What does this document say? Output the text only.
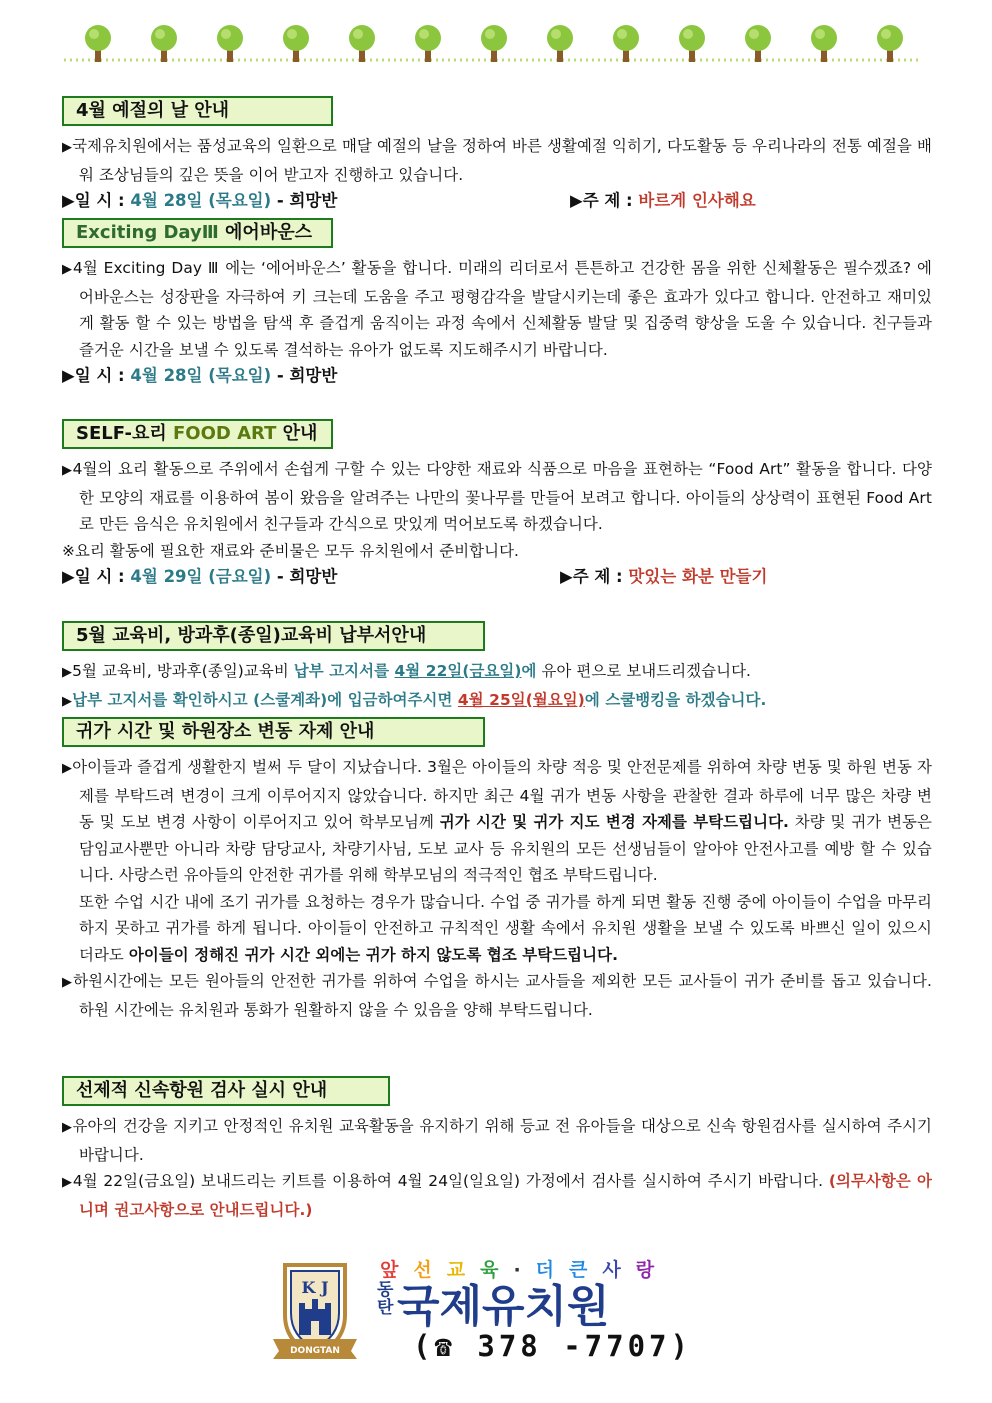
4월 예절의 날 안내

▶국제유치원에서는 품성교육의 일환으로 매달 예절의 날을 정하여 바른 생활예절 익히기, 다도활동 등 우리나라의 전통 예절을 배워 조상님들의 깊은 뜻을 이어 받고자 진행하고 있습니다.

▶일 시 : 4월 28일 (목요일) - 희망반	▶주 제 : 바르게 인사해요
Exciting DayⅢ 에어바운스

▶4월 Exciting Day Ⅲ 에는 ‘에어바운스’ 활동을 합니다. 미래의 리더로서 튼튼하고 건강한 몸을 위한 신체활동은 필수겠죠? 에어바운스는 성장판을 자극하여 키 크는데 도움을 주고 평형감각을 발달시키는데 좋은 효과가 있다고 합니다. 안전하고 재미있게 활동 할 수 있는 방법을 탐색 후 즐겁게 움직이는 과정 속에서 신체활동 발달 및 집중력 향상을 도울 수 있습니다. 친구들과 즐거운 시간을 보낼 수 있도록 결석하는 유아가 없도록 지도해주시기 바랍니다.

▶일 시 : 4월 28일 (목요일) - 희망반
SELF-요리 FOOD ART 안내

▶4월의 요리 활동으로 주위에서 손쉽게 구할 수 있는 다양한 재료와 식품으로 마음을 표현하는 “Food Art” 활동을 합니다. 다양한 모양의 재료를 이용하여 봄이 왔음을 알려주는 나만의 꽃나무를 만들어 보려고 합니다. 아이들의 상상력이 표현된 Food Art로 만든 음식은 유치원에서 친구들과 간식으로 맛있게 먹어보도록 하겠습니다.

※요리 활동에 필요한 재료와 준비물은 모두 유치원에서 준비합니다.

▶일 시 : 4월 29일 (금요일) - 희망반	▶주 제 : 맛있는 화분 만들기
5월 교육비, 방과후(종일)교육비 납부서안내

▶5월 교육비, 방과후(종일)교육비 납부 고지서를 4월 22일(금요일)에 유아 편으로 보내드리겠습니다.

▶납부 고지서를 확인하시고 (스쿨계좌)에 입금하여주시면 4월 25일(월요일)에 스쿨뱅킹을 하겠습니다.

귀가 시간 및 하원장소 변동 자제 안내

▶아이들과 즐겁게 생활한지 벌써 두 달이 지났습니다. 3월은 아이들의 차량 적응 및 안전문제를 위하여 차량 변동 및 하원 변동 자제를 부탁드려 변경이 크게 이루어지지 않았습니다. 하지만 최근 4월 귀가 변동 사항을 관찰한 결과 하루에 너무 많은 차량 변동 및 도보 변경 사항이 이루어지고 있어 학부모님께 귀가 시간 및 귀가 지도 변경 자제를 부탁드립니다. 차량 및 귀가 변동은 담임교사뿐만 아니라 차량 담당교사, 차량기사님, 도보 교사 등 유치원의 모든 선생님들이 알아야 안전사고를 예방 할 수 있습니다. 사랑스런 유아들의 안전한 귀가를 위해 학부모님의 적극적인 협조 부탁드립니다.

또한 수업 시간 내에 조기 귀가를 요청하는 경우가 많습니다. 수업 중 귀가를 하게 되면 활동 진행 중에 아이들이 수업을 마무리하지 못하고 귀가를 하게 됩니다. 아이들이 안전하고 규칙적인 생활 속에서 유치원 생활을 보낼 수 있도록 바쁘신 일이 있으시더라도 아이들이 정해진 귀가 시간 외에는 귀가 하지 않도록 협조 부탁드립니다.

▶하원시간에는 모든 원아들의 안전한 귀가를 위하여 수업을 하시는 교사들을 제외한 모든 교사들이 귀가 준비를 돕고 있습니다. 하원 시간에는 유치원과 통화가 원활하지 않을 수 있음을 양해 부탁드립니다.

선제적 신속항원 검사 실시 안내

▶유아의 건강을 지키고 안정적인 유치원 교육활동을 유지하기 위해 등교 전 유아들을 대상으로 신속 항원검사를 실시하여 주시기 바랍니다.

▶4월 22일(금요일) 보내드리는 키트를 이용하여 4월 24일(일요일) 가정에서 검사를 실시하여 주시기 바랍니다. (의무사항은 아니며 권고사항으로 안내드립니다.)

K J
DONGTAN
앞선교육·더큰사랑
동탄국제유치원
(☎ 378 -7707)
